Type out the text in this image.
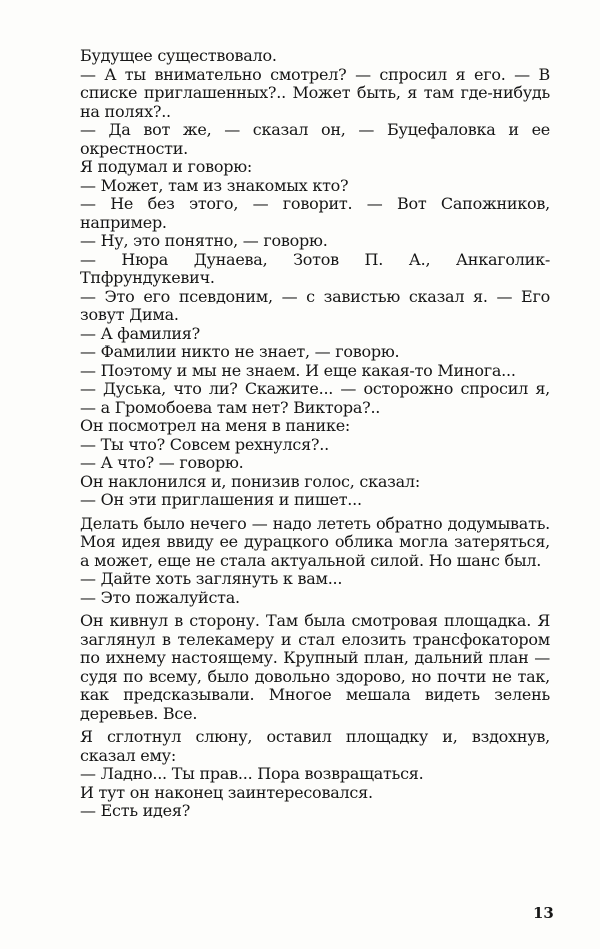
Будущее существовало.

— А ты внимательно смотрел? — спросил я его. — В списке приглашенных?.. Может быть, я там где-нибудь на полях?..

— Да вот же, — сказал он, — Буцефаловка и ее окрестности.

Я подумал и говорю:

— Может, там из знакомых кто?

— Не без этого, — говорит. — Вот Сапожников, например.

— Ну, это понятно, — говорю.

— Нюра Дунаева, Зотов П. А., Анкаголик-Тпфрундукевич.

— Это его псевдоним, — с завистью сказал я. — Его зовут Дима.

— А фамилия?

— Фамилии никто не знает, — говорю.

— Поэтому и мы не знаем. И еще какая-то Минога...

— Дуська, что ли? Скажите... — осторожно спросил я, — а Громобоева там нет? Виктора?..

Он посмотрел на меня в панике:

— Ты что? Совсем рехнулся?..

— А что? — говорю.

Он наклонился и, понизив голос, сказал:

— Он эти приглашения и пишет...

Делать было нечего — надо лететь обратно додумывать. Моя идея ввиду ее дурацкого облика могла затеряться, а может, еще не стала актуальной силой. Но шанс был.

— Дайте хоть заглянуть к вам...

— Это пожалуйста.

Он кивнул в сторону. Там была смотровая площадка. Я заглянул в телекамеру и стал елозить трансфокатором по ихнему настоящему. Крупный план, дальний план — судя по всему, было довольно здорово, но почти не так, как предсказывали. Многое мешала видеть зелень деревьев. Все.

Я сглотнул слюну, оставил площадку и, вздохнув, сказал ему:

— Ладно... Ты прав... Пора возвращаться.

И тут он наконец заинтересовался.

— Есть идея?

13
